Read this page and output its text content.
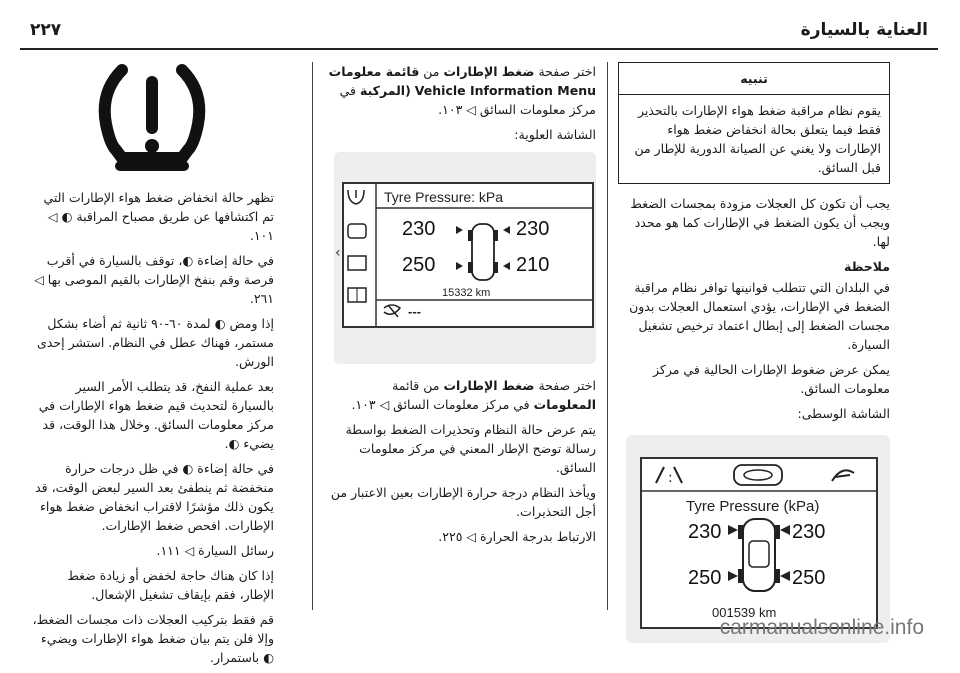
٢٢٧	العناية بالسيارة
تنبيه
يقوم نظام مراقبة ضغط هواء الإطارات بالتحذير فقط فيما يتعلق بحالة انخفاض ضغط هواء الإطارات ولا يغني عن الصيانة الدورية للإطار من قبل السائق.

يجب أن تكون كل العجلات مزودة بمجسات الضغط ويجب أن يكون الضغط في الإطارات كما هو محدد لها.

ملاحظة

في البلدان التي تتطلب قوانينها توافر نظام مراقبة الضغط في الإطارات، يؤدي استعمال العجلات بدون مجسات الضغط إلى إبطال اعتماد ترخيص تشغيل السيارة.

يمكن عرض ضغوط الإطارات الحالية في مركز معلومات السائق.

الشاشة الوسطى:

:
Tyre Pressure (kPa)
230	230
250	250
001539 km

اختر صفحة ضغط الإطارات من قائمة معلومات Vehicle Information Menu (المركبة في مركز معلومات السائق ◁ ١٠٣.

الشاشة العلوية:

Tyre Pressure: kPa
230	230
250	210
15332 km
---
‹

اختر صفحة ضغط الإطارات من قائمة المعلومات في مركز معلومات السائق ◁ ١٠٣.

يتم عرض حالة النظام وتحذيرات الضغط بواسطة رسالة توضح الإطار المعني في مركز معلومات السائق.

ويأخذ النظام درجة حرارة الإطارات بعين الاعتبار من أجل التحذيرات.

الارتباط بدرجة الحرارة ◁ ٢٢٥.

تظهر حالة انخفاض ضغط هواء الإطارات التي تم اكتشافها عن طريق مصباح المراقبة ◐ ◁ ١٠١.

في حالة إضاءة ◐، توقف بالسيارة في أقرب فرصة وقم بنفخ الإطارات بالقيم الموصى بها ◁ ٢٦١.

إذا ومض ◐ لمدة ٦٠-٩٠ ثانية ثم أضاء بشكل مستمر، فهناك عطل في النظام. استشر إحدى الورش.

بعد عملية النفخ، قد يتطلب الأمر السير بالسيارة لتحديث قيم ضغط هواء الإطارات في مركز معلومات السائق. وخلال هذا الوقت، قد يضيء ◐.

في حالة إضاءة ◐ في ظل درجات حرارة منخفضة ثم ينطفئ بعد السير لبعض الوقت، قد يكون ذلك مؤشرًا لاقتراب انخفاض ضغط هواء الإطارات. افحص ضغط الإطارات.

رسائل السيارة ◁ ١١١.

إذا كان هناك حاجة لخفض أو زيادة ضغط الإطار، فقم بإيقاف تشغيل الإشعال.

قم فقط بتركيب العجلات ذات مجسات الضغط، وإلا فلن يتم بيان ضغط هواء الإطارات ويضيء ◐ باستمرار.

carmanualsonline.info
